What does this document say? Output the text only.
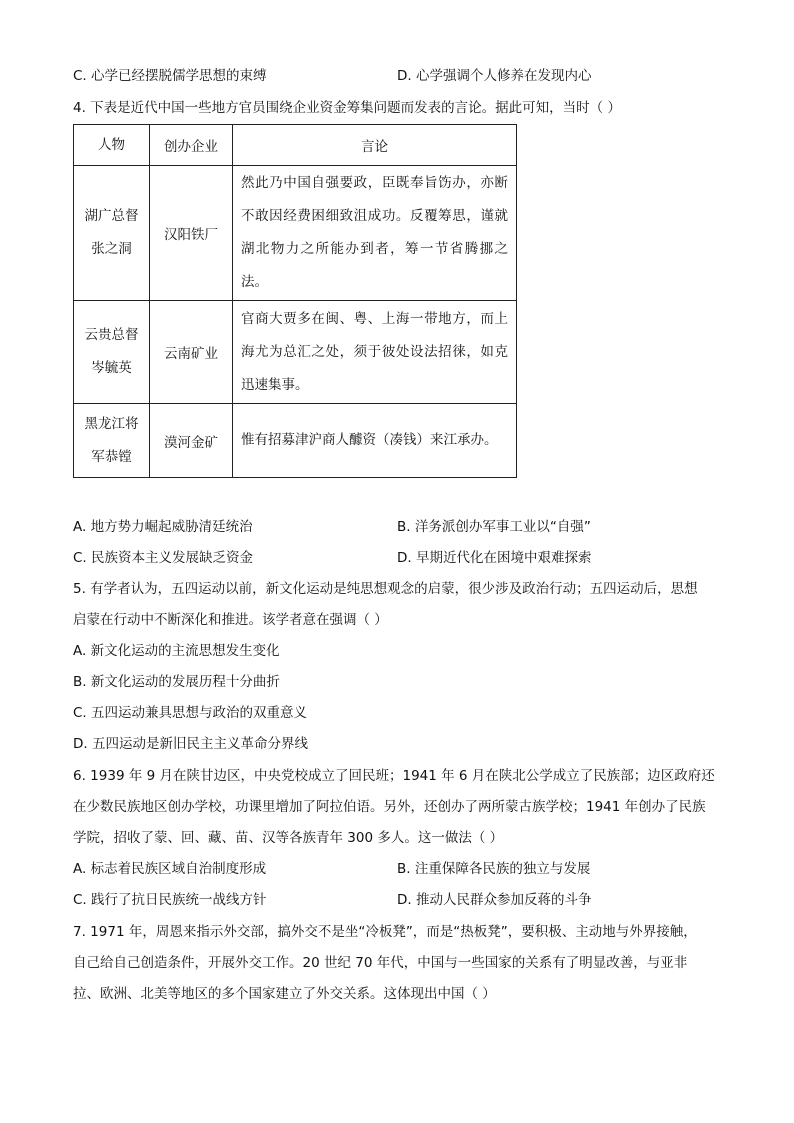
C. 心学已经摆脱儒学思想的束缚	D. 心学强调个人修养在发现内心
4. 下表是近代中国一些地方官员围绕企业资金筹集问题而发表的言论。据此可知，当时（ ）
人物	创办企业	言论
湖广总督张之洞	汉阳铁厂	然此乃中国自强要政，臣既奉旨饬办，亦断不敢因经费困细致沮成功。反覆筹思，谨就湖北物力之所能办到者，筹一节省腾挪之法。
云贵总督岑毓英	云南矿业	官商大贾多在闽、粤、上海一带地方，而上海尤为总汇之处，须于彼处设法招徕，如克迅速集事。
黑龙江将军恭镗	漠河金矿	惟有招募津沪商人醵资（凑钱）来江承办。
A. 地方势力崛起威胁清廷统治	B. 洋务派创办军事工业以“自强”
C. 民族资本主义发展缺乏资金	D. 早期近代化在困境中艰难探索
5. 有学者认为，五四运动以前，新文化运动是纯思想观念的启蒙，很少涉及政治行动；五四运动后，思想
启蒙在行动中不断深化和推进。该学者意在强调（ ）
A. 新文化运动的主流思想发生变化
B. 新文化运动的发展历程十分曲折
C. 五四运动兼具思想与政治的双重意义
D. 五四运动是新旧民主主义革命分界线
6. 1939 年 9 月在陕甘边区，中央党校成立了回民班；1941 年 6 月在陕北公学成立了民族部；边区政府还
在少数民族地区创办学校，功课里增加了阿拉伯语。另外，还创办了两所蒙古族学校；1941 年创办了民族
学院，招收了蒙、回、藏、苗、汉等各族青年 300 多人。这一做法（ ）
A. 标志着民族区域自治制度形成	B. 注重保障各民族的独立与发展
C. 践行了抗日民族统一战线方针	D. 推动人民群众参加反蒋的斗争
7. 1971 年，周恩来指示外交部，搞外交不是坐“冷板凳”，而是“热板凳”，要积极、主动地与外界接触，
自己给自己创造条件，开展外交工作。20 世纪 70 年代，中国与一些国家的关系有了明显改善，与亚非
拉、欧洲、北美等地区的多个国家建立了外交关系。这体现出中国（ ）
